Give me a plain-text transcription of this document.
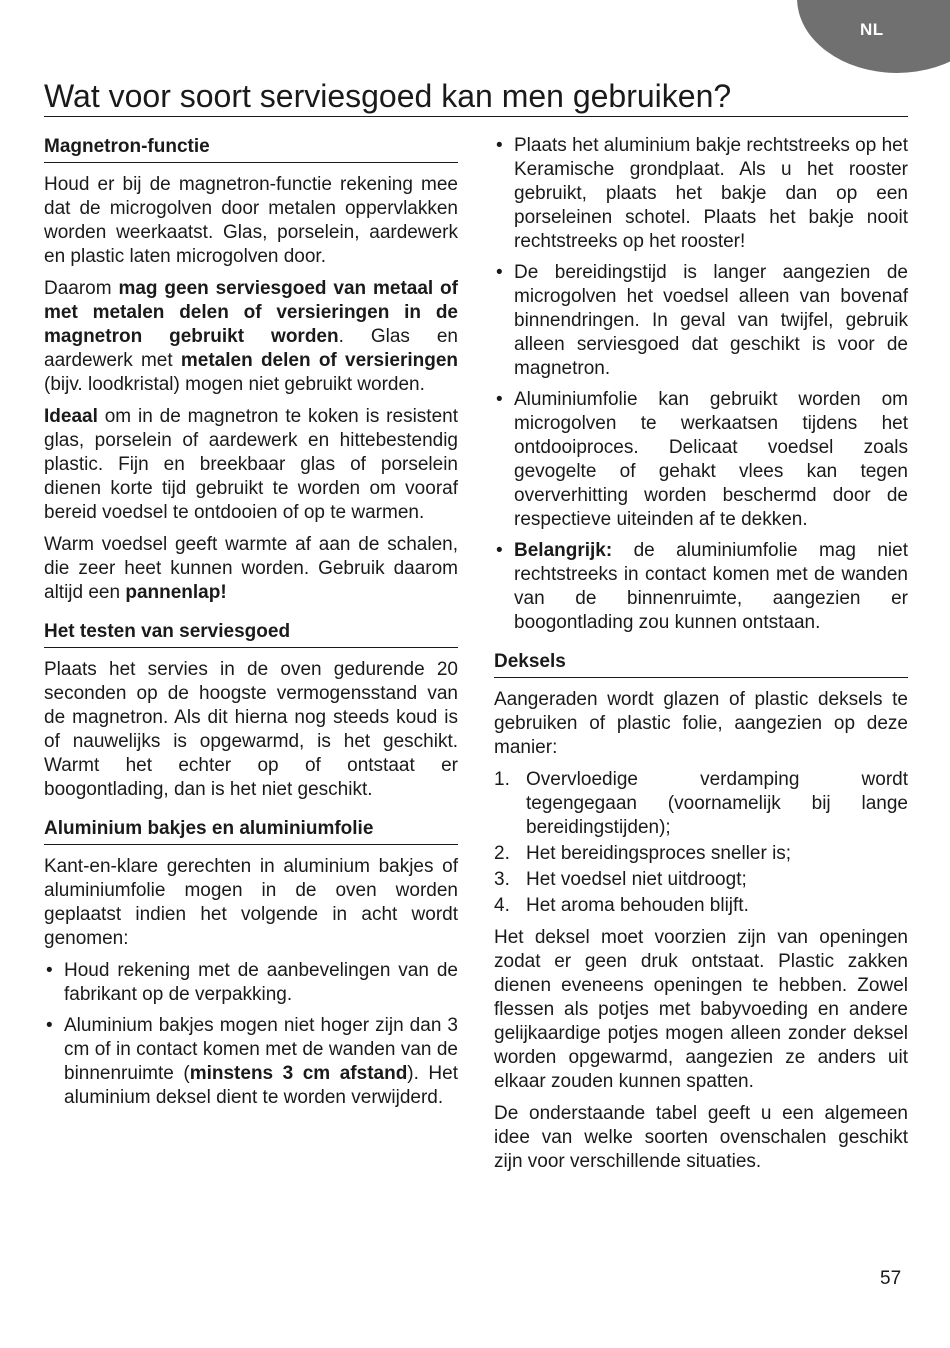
NL
Wat voor soort serviesgoed kan men gebruiken?
Magnetron-functie

Houd er bij de magnetron-functie rekening mee dat de microgolven door metalen oppervlakken worden weerkaatst. Glas, porselein, aardewerk en plastic laten microgolven door.

Daarom mag geen serviesgoed van metaal of met metalen delen of versieringen in de magnetron gebruikt worden. Glas en aardewerk met metalen delen of versieringen (bijv. loodkristal) mogen niet gebruikt worden.

Ideaal om in de magnetron te koken is resistent glas, porselein of aardewerk en hittebestendig plastic. Fijn en breekbaar glas of porselein dienen korte tijd gebruikt te worden om vooraf bereid voedsel te ontdooien of op te warmen.

Warm voedsel geeft warmte af aan de schalen, die zeer heet kunnen worden. Gebruik daarom altijd een pannenlap!

Het testen van serviesgoed

Plaats het servies in de oven gedurende 20 seconden op de hoogste vermogensstand van de magnetron. Als dit hierna nog steeds koud is of nauwelijks is opgewarmd, is het geschikt. Warmt het echter op of ontstaat er boogontlading, dan is het niet geschikt.

Aluminium bakjes en aluminiumfolie

Kant-en-klare gerechten in aluminium bakjes of aluminiumfolie mogen in de oven worden geplaatst indien het volgende in acht wordt genomen:

• Houd rekening met de aanbevelingen van de fabrikant op de verpakking.
• Aluminium bakjes mogen niet hoger zijn dan 3 cm of in contact komen met de wanden van de binnenruimte (minstens 3 cm afstand). Het aluminium deksel dient te worden verwijderd.
• Plaats het aluminium bakje rechtstreeks op het Keramische grondplaat. Als u het rooster gebruikt, plaats het bakje dan op een porseleinen schotel. Plaats het bakje nooit rechtstreeks op het rooster!
• De bereidingstijd is langer aangezien de microgolven het voedsel alleen van bovenaf binnendringen. In geval van twijfel, gebruik alleen serviesgoed dat geschikt is voor de magnetron.
• Aluminiumfolie kan gebruikt worden om microgolven te werkaatsen tijdens het ontdooiproces. Delicaat voedsel zoals gevogelte of gehakt vlees kan tegen oververhitting worden beschermd door de respectieve uiteinden af te dekken.
• Belangrijk: de aluminiumfolie mag niet rechtstreeks in contact komen met de wanden van de binnenruimte, aangezien er boogontlading zou kunnen ontstaan.
Deksels

Aangeraden wordt glazen of plastic deksels te gebruiken of plastic folie, aangezien op deze manier:

1. Overvloedige verdamping wordt tegengegaan (voornamelijk bij lange bereidingstijden);
2. Het bereidingsproces sneller is;
3. Het voedsel niet uitdroogt;
4. Het aroma behouden blijft.

Het deksel moet voorzien zijn van openingen zodat er geen druk ontstaat. Plastic zakken dienen eveneens openingen te hebben. Zowel flessen als potjes met babyvoeding en andere gelijkaardige potjes mogen alleen zonder deksel worden opgewarmd, aangezien ze anders uit elkaar zouden kunnen spatten.

De onderstaande tabel geeft u een algemeen idee van welke soorten ovenschalen geschikt zijn voor verschillende situaties.

57
